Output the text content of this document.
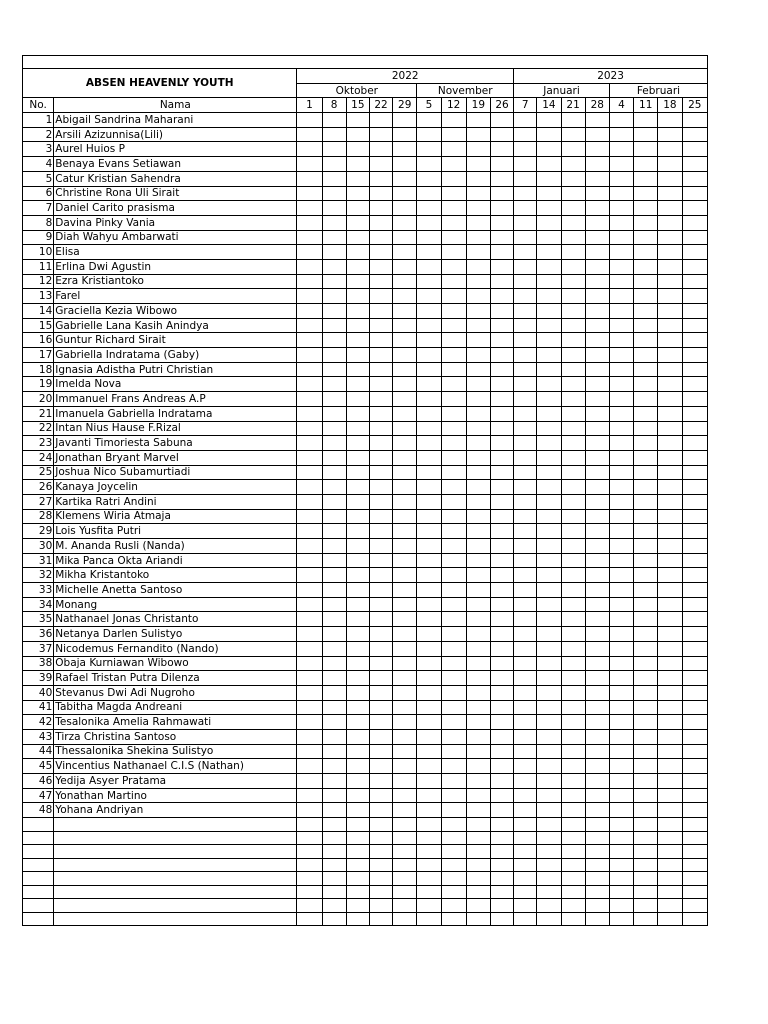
ABSEN HEAVENLY YOUTH		2022									2023							
		Oktober					November				Januari				Februari			
No.	Nama	1	8	15	22	29	5	12	19	26	7	14	21	28	4	11	18	25
1	Abigail Sandrina Maharani																	
2	Arsili Azizunnisa(Lili)																	
3	Aurel Huios P																	
4	Benaya Evans Setiawan																	
5	Catur Kristian Sahendra																	
6	Christine Rona Uli Sirait																	
7	Daniel Carito prasisma																	
8	Davina Pinky Vania																	
9	Diah Wahyu Ambarwati																	
10	Elisa																	
11	Erlina Dwi Agustin																	
12	Ezra Kristiantoko																	
13	Farel																	
14	Graciella Kezia Wibowo																	
15	Gabrielle Lana Kasih Anindya																	
16	Guntur Richard Sirait																	
17	Gabriella Indratama (Gaby)																	
18	Ignasia Adistha Putri Christian																	
19	Imelda Nova																	
20	Immanuel Frans Andreas A.P																	
21	Imanuela Gabriella Indratama																	
22	Intan Nius Hause F.Rizal																	
23	Javanti Timoriesta Sabuna																	
24	Jonathan Bryant Marvel																	
25	Joshua Nico Subamurtiadi																	
26	Kanaya Joycelin																	
27	Kartika Ratri Andini																	
28	Klemens Wiria Atmaja																	
29	Lois Yusfita Putri																	
30	M. Ananda Rusli (Nanda)																	
31	Mika Panca Okta Ariandi																	
32	Mikha Kristantoko																	
33	Michelle Anetta Santoso																	
34	Monang																	
35	Nathanael Jonas Christanto																	
36	Netanya Darlen Sulistyo																	
37	Nicodemus Fernandito (Nando)																	
38	Obaja Kurniawan Wibowo																	
39	Rafael Tristan Putra Dilenza																	
40	Stevanus Dwi Adi Nugroho																	
41	Tabitha Magda Andreani																	
42	Tesalonika Amelia Rahmawati																	
43	Tirza Christina Santoso																	
44	Thessalonika Shekina Sulistyo																	
45	Vincentius Nathanael C.I.S (Nathan)																	
46	Yedija Asyer Pratama																	
47	Yonathan Martino																	
48	Yohana Andriyan																	
